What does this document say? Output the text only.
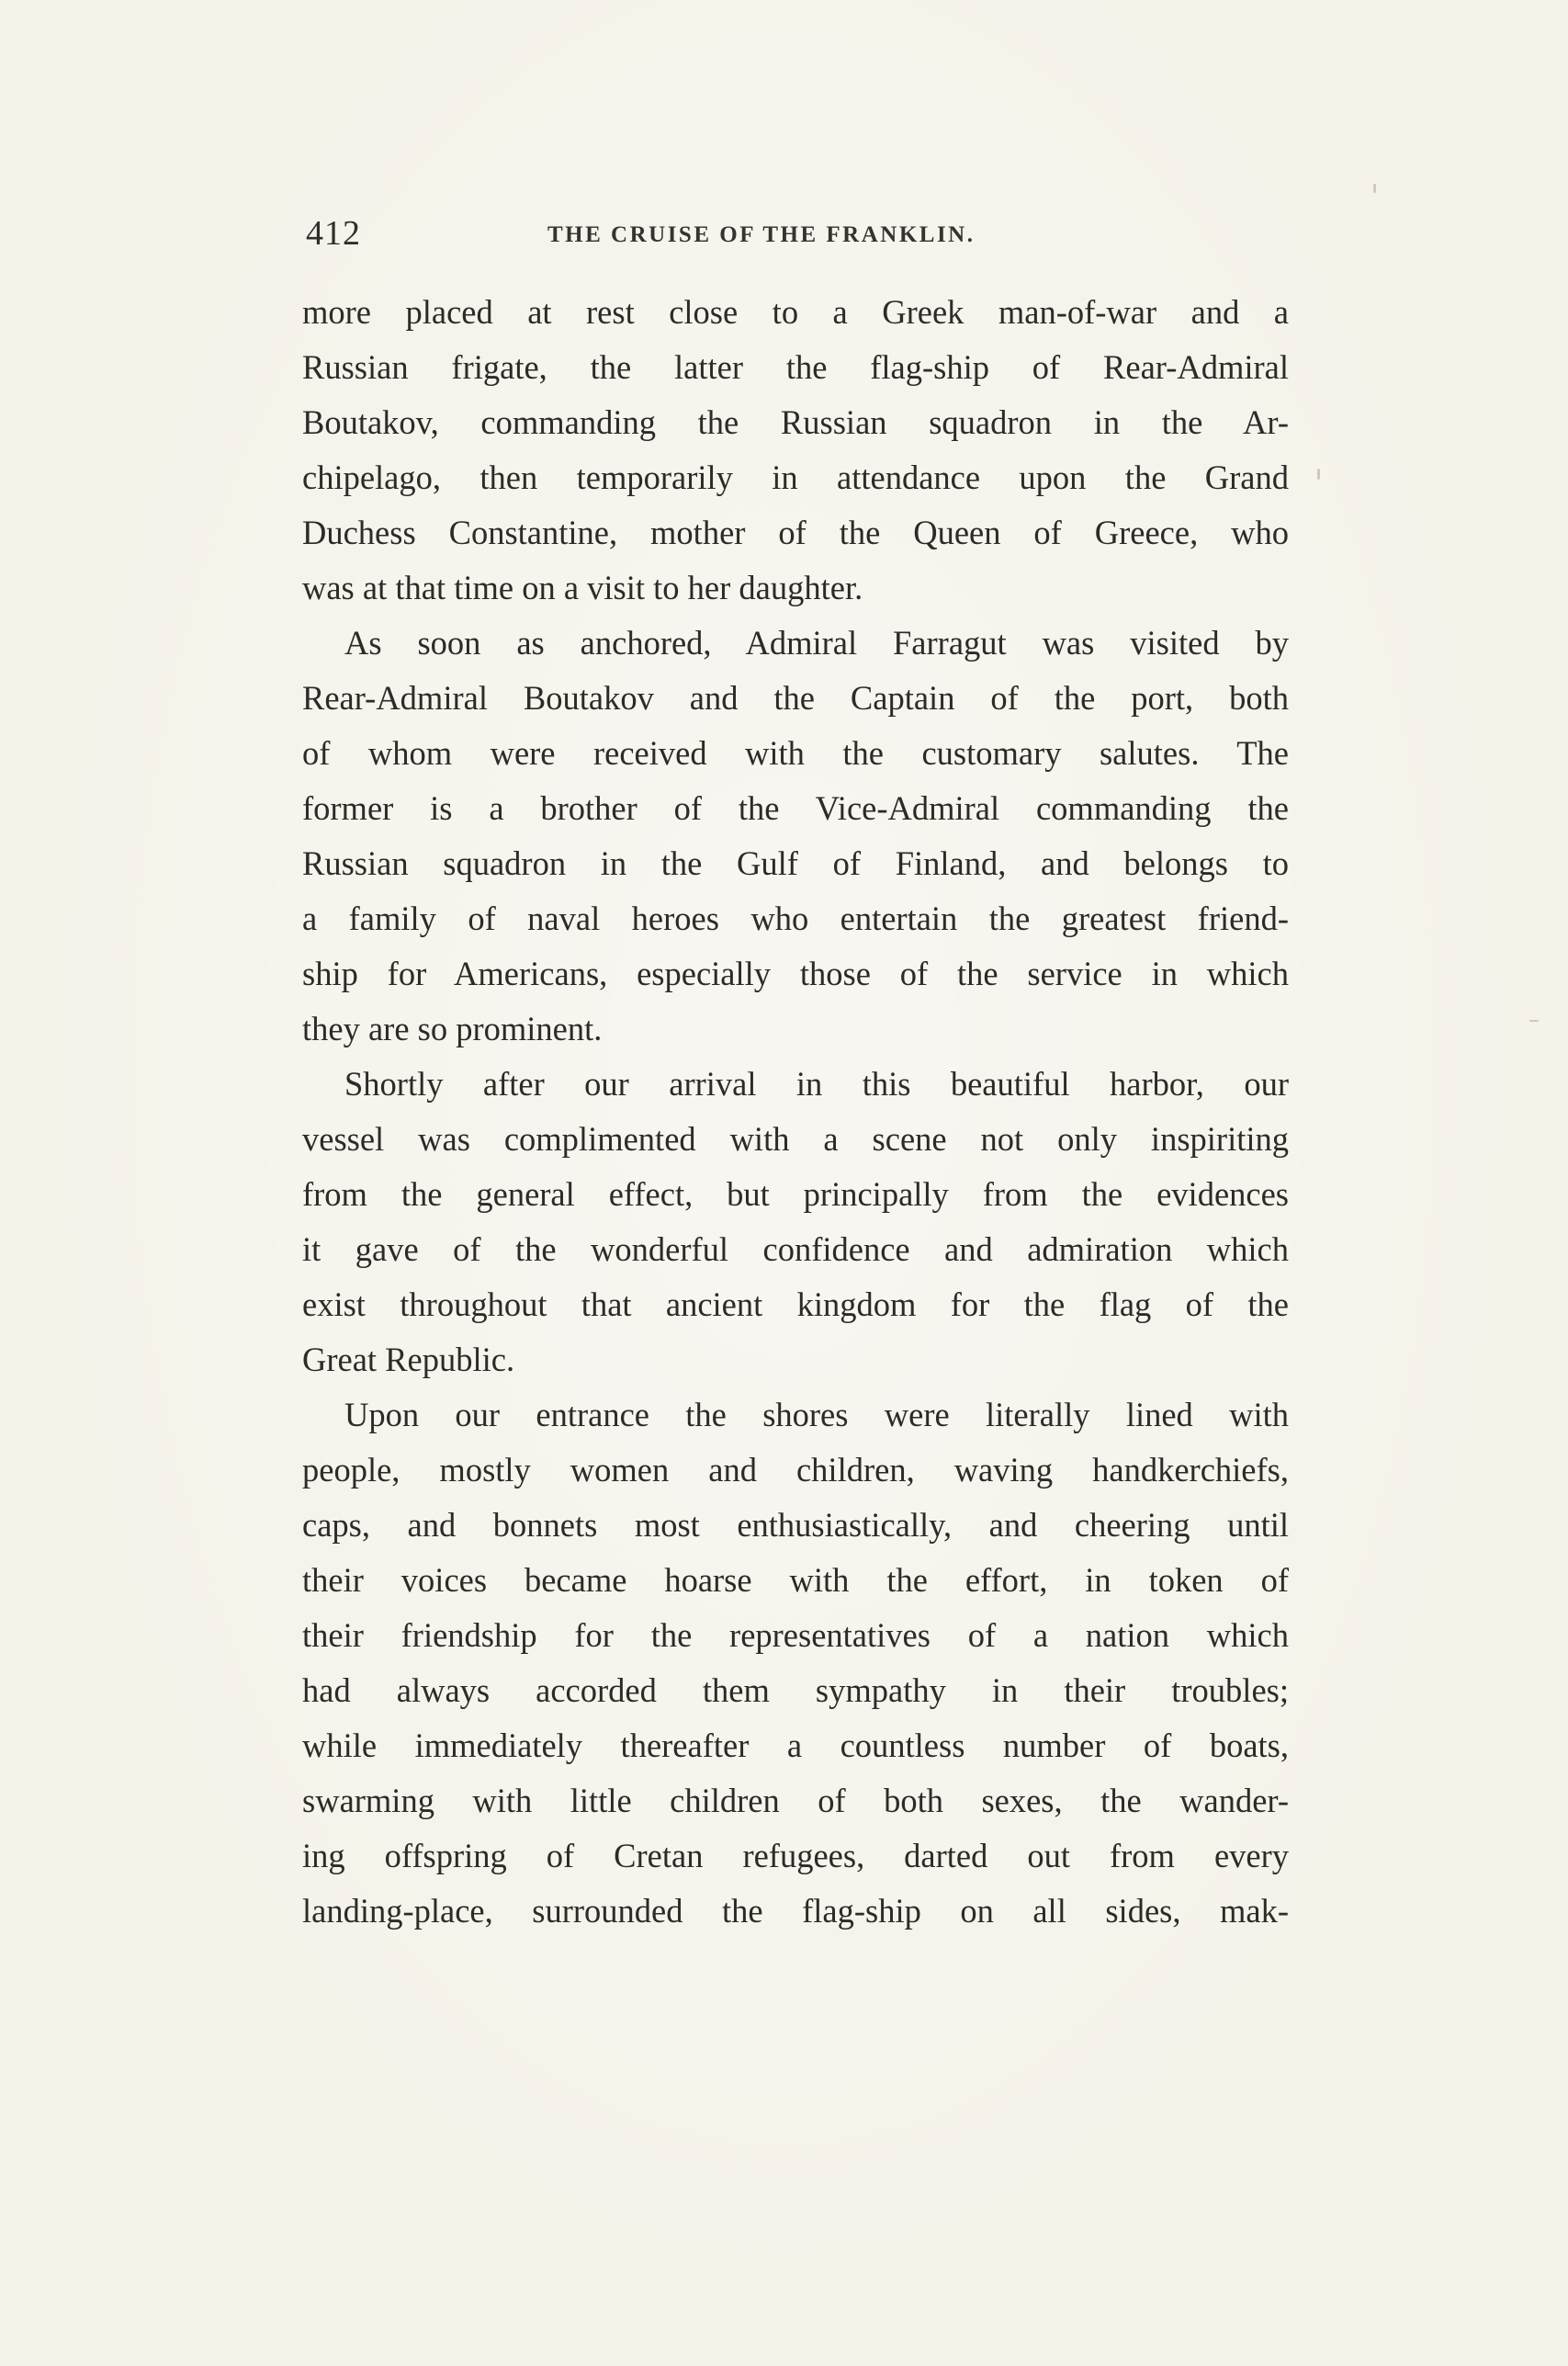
412	THE CRUISE OF THE FRANKLIN.
more placed at rest close to a Greek man-of-war and a
Russian frigate, the latter the flag-ship of Rear-Admiral
Boutakov, commanding the Russian squadron in the Ar-
chipelago, then temporarily in attendance upon the Grand
Duchess Constantine, mother of the Queen of Greece, who
was at that time on a visit to her daughter.
As soon as anchored, Admiral Farragut was visited by
Rear-Admiral Boutakov and the Captain of the port, both
of whom were received with the customary salutes. The
former is a brother of the Vice-Admiral commanding the
Russian squadron in the Gulf of Finland, and belongs to
a family of naval heroes who entertain the greatest friend-
ship for Americans, especially those of the service in which
they are so prominent.
Shortly after our arrival in this beautiful harbor, our
vessel was complimented with a scene not only inspiriting
from the general effect, but principally from the evidences
it gave of the wonderful confidence and admiration which
exist throughout that ancient kingdom for the flag of the
Great Republic.
Upon our entrance the shores were literally lined with
people, mostly women and children, waving handkerchiefs,
caps, and bonnets most enthusiastically, and cheering until
their voices became hoarse with the effort, in token of
their friendship for the representatives of a nation which
had always accorded them sympathy in their troubles;
while immediately thereafter a countless number of boats,
swarming with little children of both sexes, the wander-
ing offspring of Cretan refugees, darted out from every
landing-place, surrounded the flag-ship on all sides, mak-
